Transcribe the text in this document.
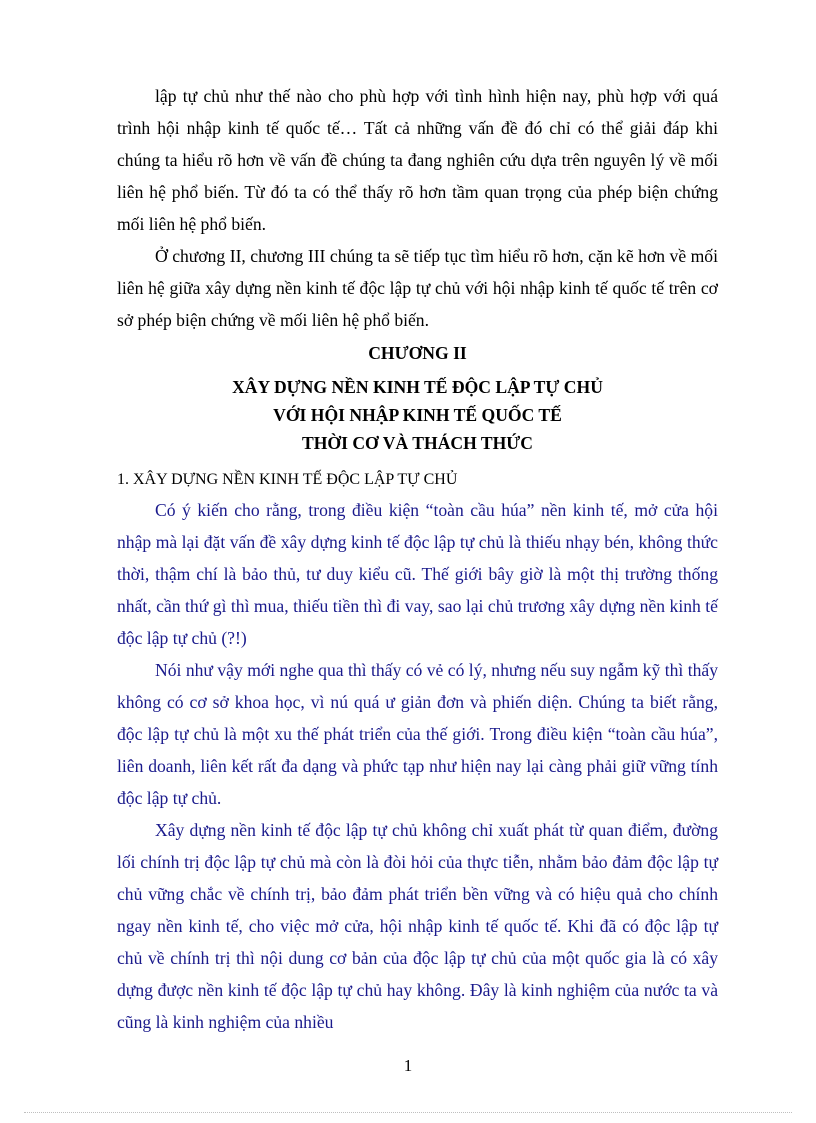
lập tự chủ như thế nào cho phù hợp với tình hình hiện nay, phù hợp với quá trình hội nhập kinh tế quốc tế… Tất cả những vấn đề đó chỉ có thể giải đáp khi chúng ta hiểu rõ hơn về vấn đề chúng ta đang nghiên cứu dựa trên nguyên lý về mối liên hệ phổ biến. Từ đó ta có thể thấy rõ hơn tầm quan trọng của phép biện chứng mối liên hệ phổ biến.

Ở chương II, chương III chúng ta sẽ tiếp tục tìm hiểu rõ hơn, cặn kẽ hơn về mối liên hệ giữa xây dựng nền kinh tế độc lập tự chủ với hội nhập kinh tế quốc tế trên cơ sở phép biện chứng về mối liên hệ phổ biến.

CHƯƠNG II
XÂY DỰNG NỀN KINH TẾ ĐỘC LẬP TỰ CHỦ
VỚI HỘI NHẬP KINH TẾ QUỐC TẾ
THỜI CƠ VÀ THÁCH THỨC
1. XÂY DỰNG NỀN KINH TẾ ĐỘC LẬP TỰ CHỦ

Có ý kiến cho rằng, trong điều kiện “toàn cầu húa” nền kinh tế, mở cửa hội nhập mà lại đặt vấn đề xây dựng kinh tế độc lập tự chủ là thiếu nhạy bén, không thức thời, thậm chí là bảo thủ, tư duy kiểu cũ. Thế giới bây giờ là một thị trường thống nhất, cần thứ gì thì mua, thiếu tiền thì đi vay, sao lại chủ trương xây dựng nền kinh tế độc lập tự chủ (?!)

Nói như vậy mới nghe qua thì thấy có vẻ có lý, nhưng nếu suy ngẫm kỹ thì thấy không có cơ sở khoa học, vì nú quá ư giản đơn và phiến diện. Chúng ta biết rằng, độc lập tự chủ là một xu thế phát triển của thế giới. Trong điều kiện “toàn cầu húa”, liên doanh, liên kết rất đa dạng và phức tạp như hiện nay lại càng phải giữ vững tính độc lập tự chủ.

Xây dựng nền kinh tế độc lập tự chủ không chỉ xuất phát từ quan điểm, đường lối chính trị độc lập tự chủ mà còn là đòi hỏi của thực tiễn, nhằm bảo đảm độc lập tự chủ vững chắc về chính trị, bảo đảm phát triển bền vững và có hiệu quả cho chính ngay nền kinh tế, cho việc mở cửa, hội nhập kinh tế quốc tế. Khi đã có độc lập tự chủ về chính trị thì nội dung cơ bản của độc lập tự chủ của một quốc gia là có xây dựng được nền kinh tế độc lập tự chủ hay không. Đây là kinh nghiệm của nước ta và cũng là kinh nghiệm của nhiều

1
